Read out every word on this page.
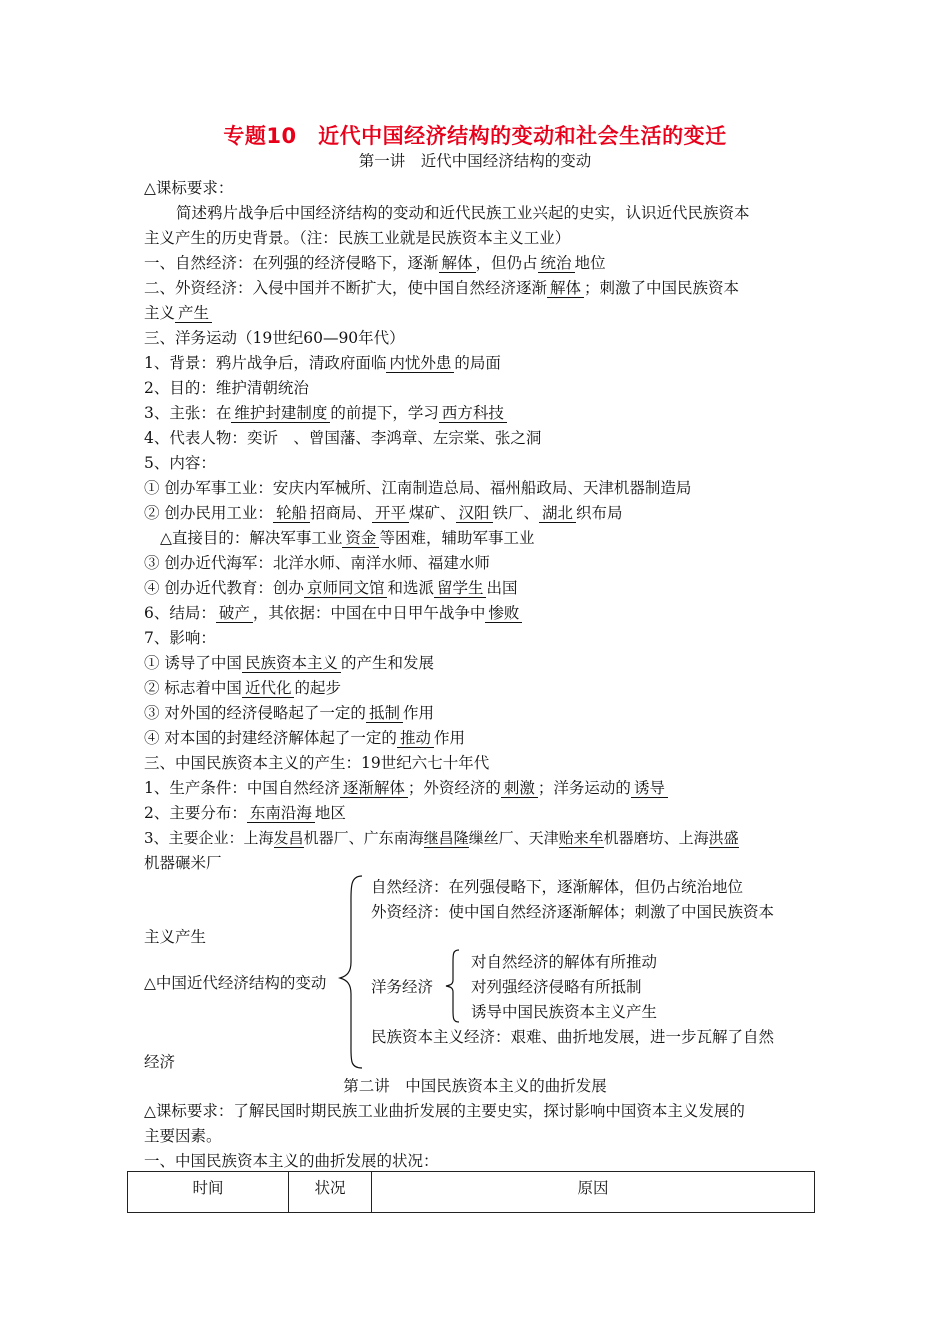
专题10　近代中国经济结构的变动和社会生活的变迁
第一讲　近代中国经济结构的变动
△课标要求：
简述鸦片战争后中国经济结构的变动和近代民族工业兴起的史实，认识近代民族资本
主义产生的历史背景。（注：民族工业就是民族资本主义工业）
一、自然经济：在列强的经济侵略下，逐渐 解体 ，但仍占 统治 地位
二、外资经济：入侵中国并不断扩大，使中国自然经济逐渐 解体 ；刺激了中国民族资本
主义 产生
三、洋务运动（19世纪60—90年代）
1、背景：鸦片战争后，清政府面临 内忧外患 的局面
2、目的：维护清朝统治
3、主张：在 维护封建制度 的前提下，学习 西方科技
4、代表人物：奕䜣　、曾国藩、李鸿章、左宗棠、张之洞
5、内容：
① 创办军事工业：安庆内军械所、江南制造总局、福州船政局、天津机器制造局
② 创办民用工业： 轮船 招商局、 开平 煤矿、 汉阳 铁厂、 湖北 织布局
△直接目的：解决军事工业 资金 等困难，辅助军事工业
③ 创办近代海军：北洋水师、南洋水师、福建水师
④ 创办近代教育：创办 京师同文馆 和选派 留学生 出国
6、结局： 破产 ，其依据：中国在中日甲午战争中 惨败
7、影响：
① 诱导了中国 民族资本主义 的产生和发展
② 标志着中国 近代化 的起步
③ 对外国的经济侵略起了一定的 抵制 作用
④ 对本国的封建经济解体起了一定的 推动 作用
三、中国民族资本主义的产生：19世纪六七十年代
1、生产条件：中国自然经济 逐渐解体 ；外资经济的 刺激 ；洋务运动的 诱导
2、主要分布： 东南沿海 地区
3、主要企业：上海发昌机器厂、广东南海继昌隆缫丝厂、天津贻来牟机器磨坊、上海洪盛
机器碾米厂
自然经济：在列强侵略下，逐渐解体，但仍占统治地位
外资经济：使中国自然经济逐渐解体；刺激了中国民族资本
主义产生
对自然经济的解体有所推动
△中国近代经济结构的变动	对列强经济侵略有所抵制
洋务经济
诱导中国民族资本主义产生
民族资本主义经济：艰难、曲折地发展，进一步瓦解了自然
经济
第二讲　中国民族资本主义的曲折发展
△课标要求：了解民国时期民族工业曲折发展的主要史实，探讨影响中国资本主义发展的
主要因素。
一、中国民族资本主义的曲折发展的状况：
时间	状况	原因
